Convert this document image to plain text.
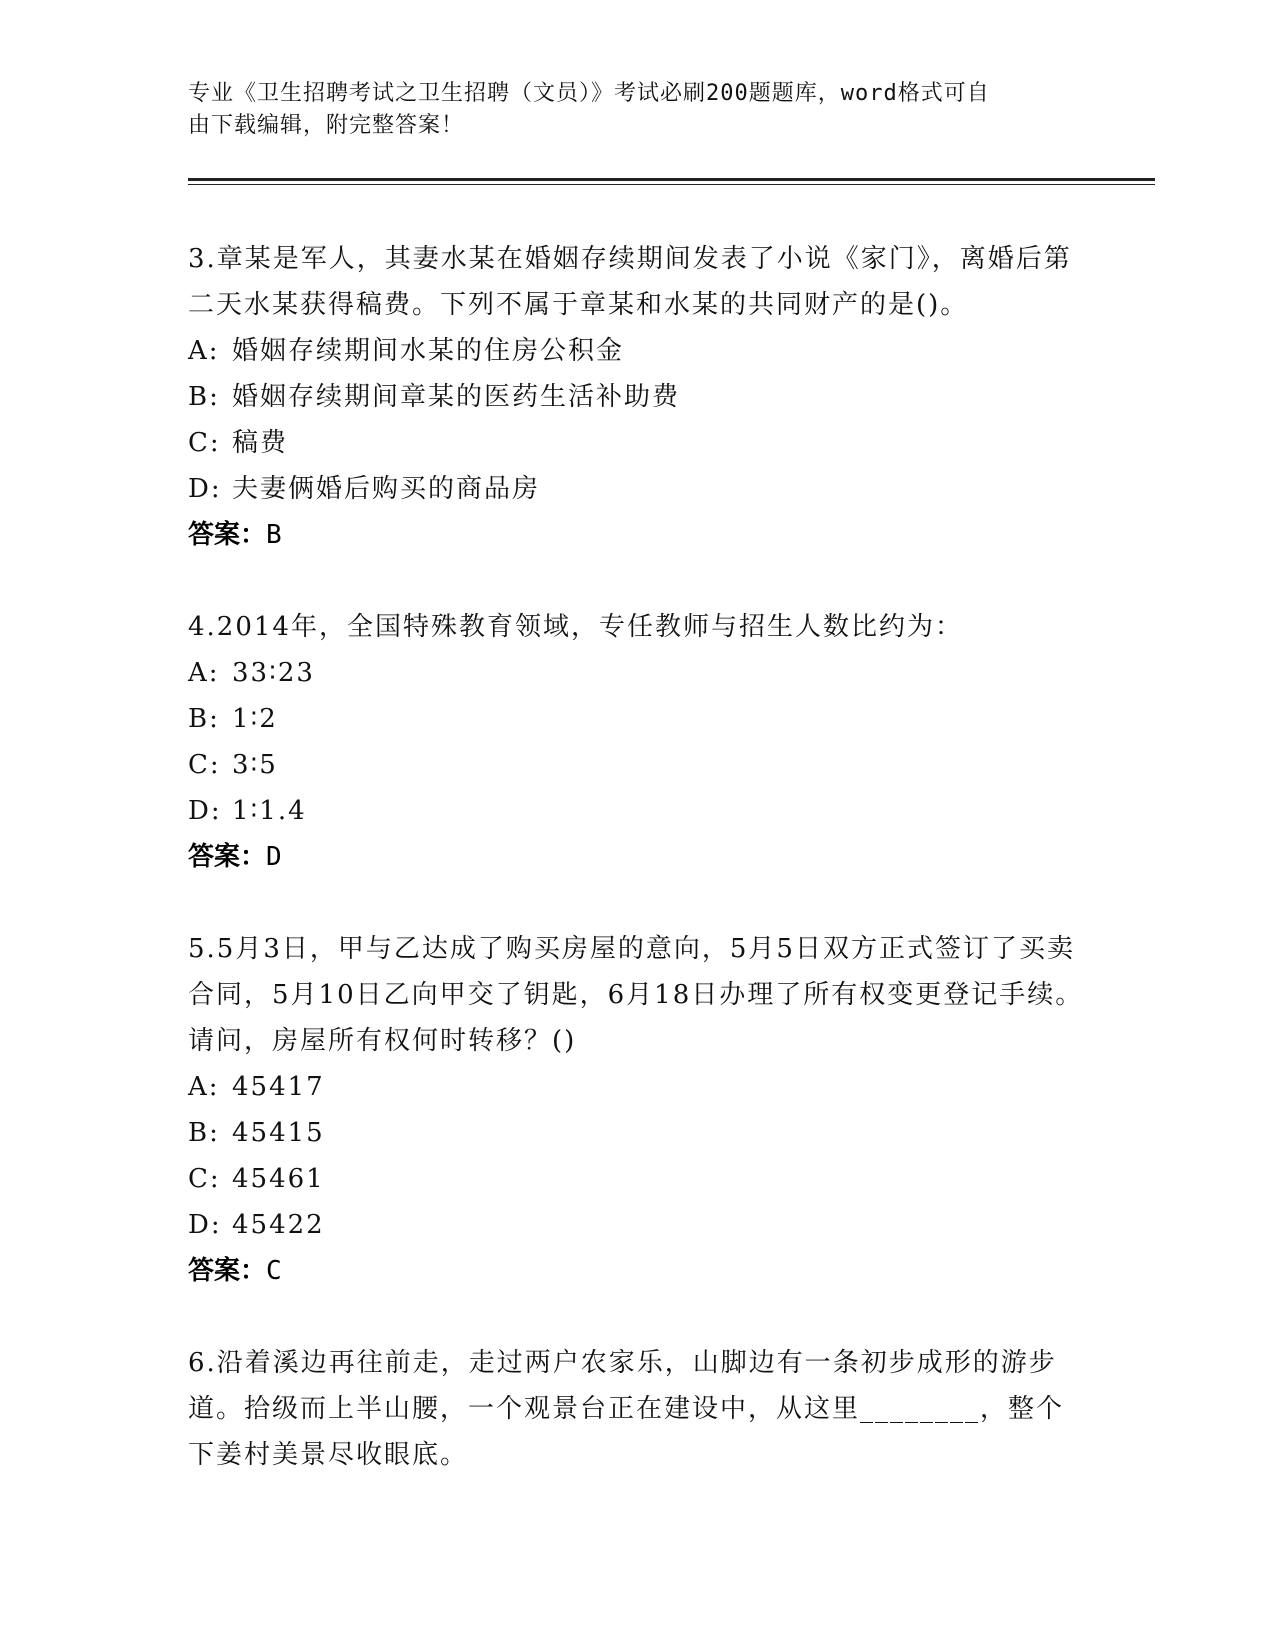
专业《卫生招聘考试之卫生招聘（文员）》考试必刷200题题库，word格式可自
由下载编辑，附完整答案！

3.章某是军人，其妻水某在婚姻存续期间发表了小说《家门》，离婚后第二天水某获得稿费。下列不属于章某和水某的共同财产的是()。

A: 婚姻存续期间水某的住房公积金
B: 婚姻存续期间章某的医药生活补助费
C: 稿费
D: 夫妻俩婚后购买的商品房
答案：B

4.2014年，全国特殊教育领域，专任教师与招生人数比约为：

A: 33∶23
B: 1∶2
C: 3∶5
D: 1∶1.4
答案：D

5.5月3日，甲与乙达成了购买房屋的意向，5月5日双方正式签订了买卖合同，5月10日乙向甲交了钥匙，6月18日办理了所有权变更登记手续。请问，房屋所有权何时转移？()

A: 45417
B: 45415
C: 45461
D: 45422
答案：C

6.沿着溪边再往前走，走过两户农家乐，山脚边有一条初步成形的游步道。拾级而上半山腰，一个观景台正在建设中，从这里________，整个下姜村美景尽收眼底。
